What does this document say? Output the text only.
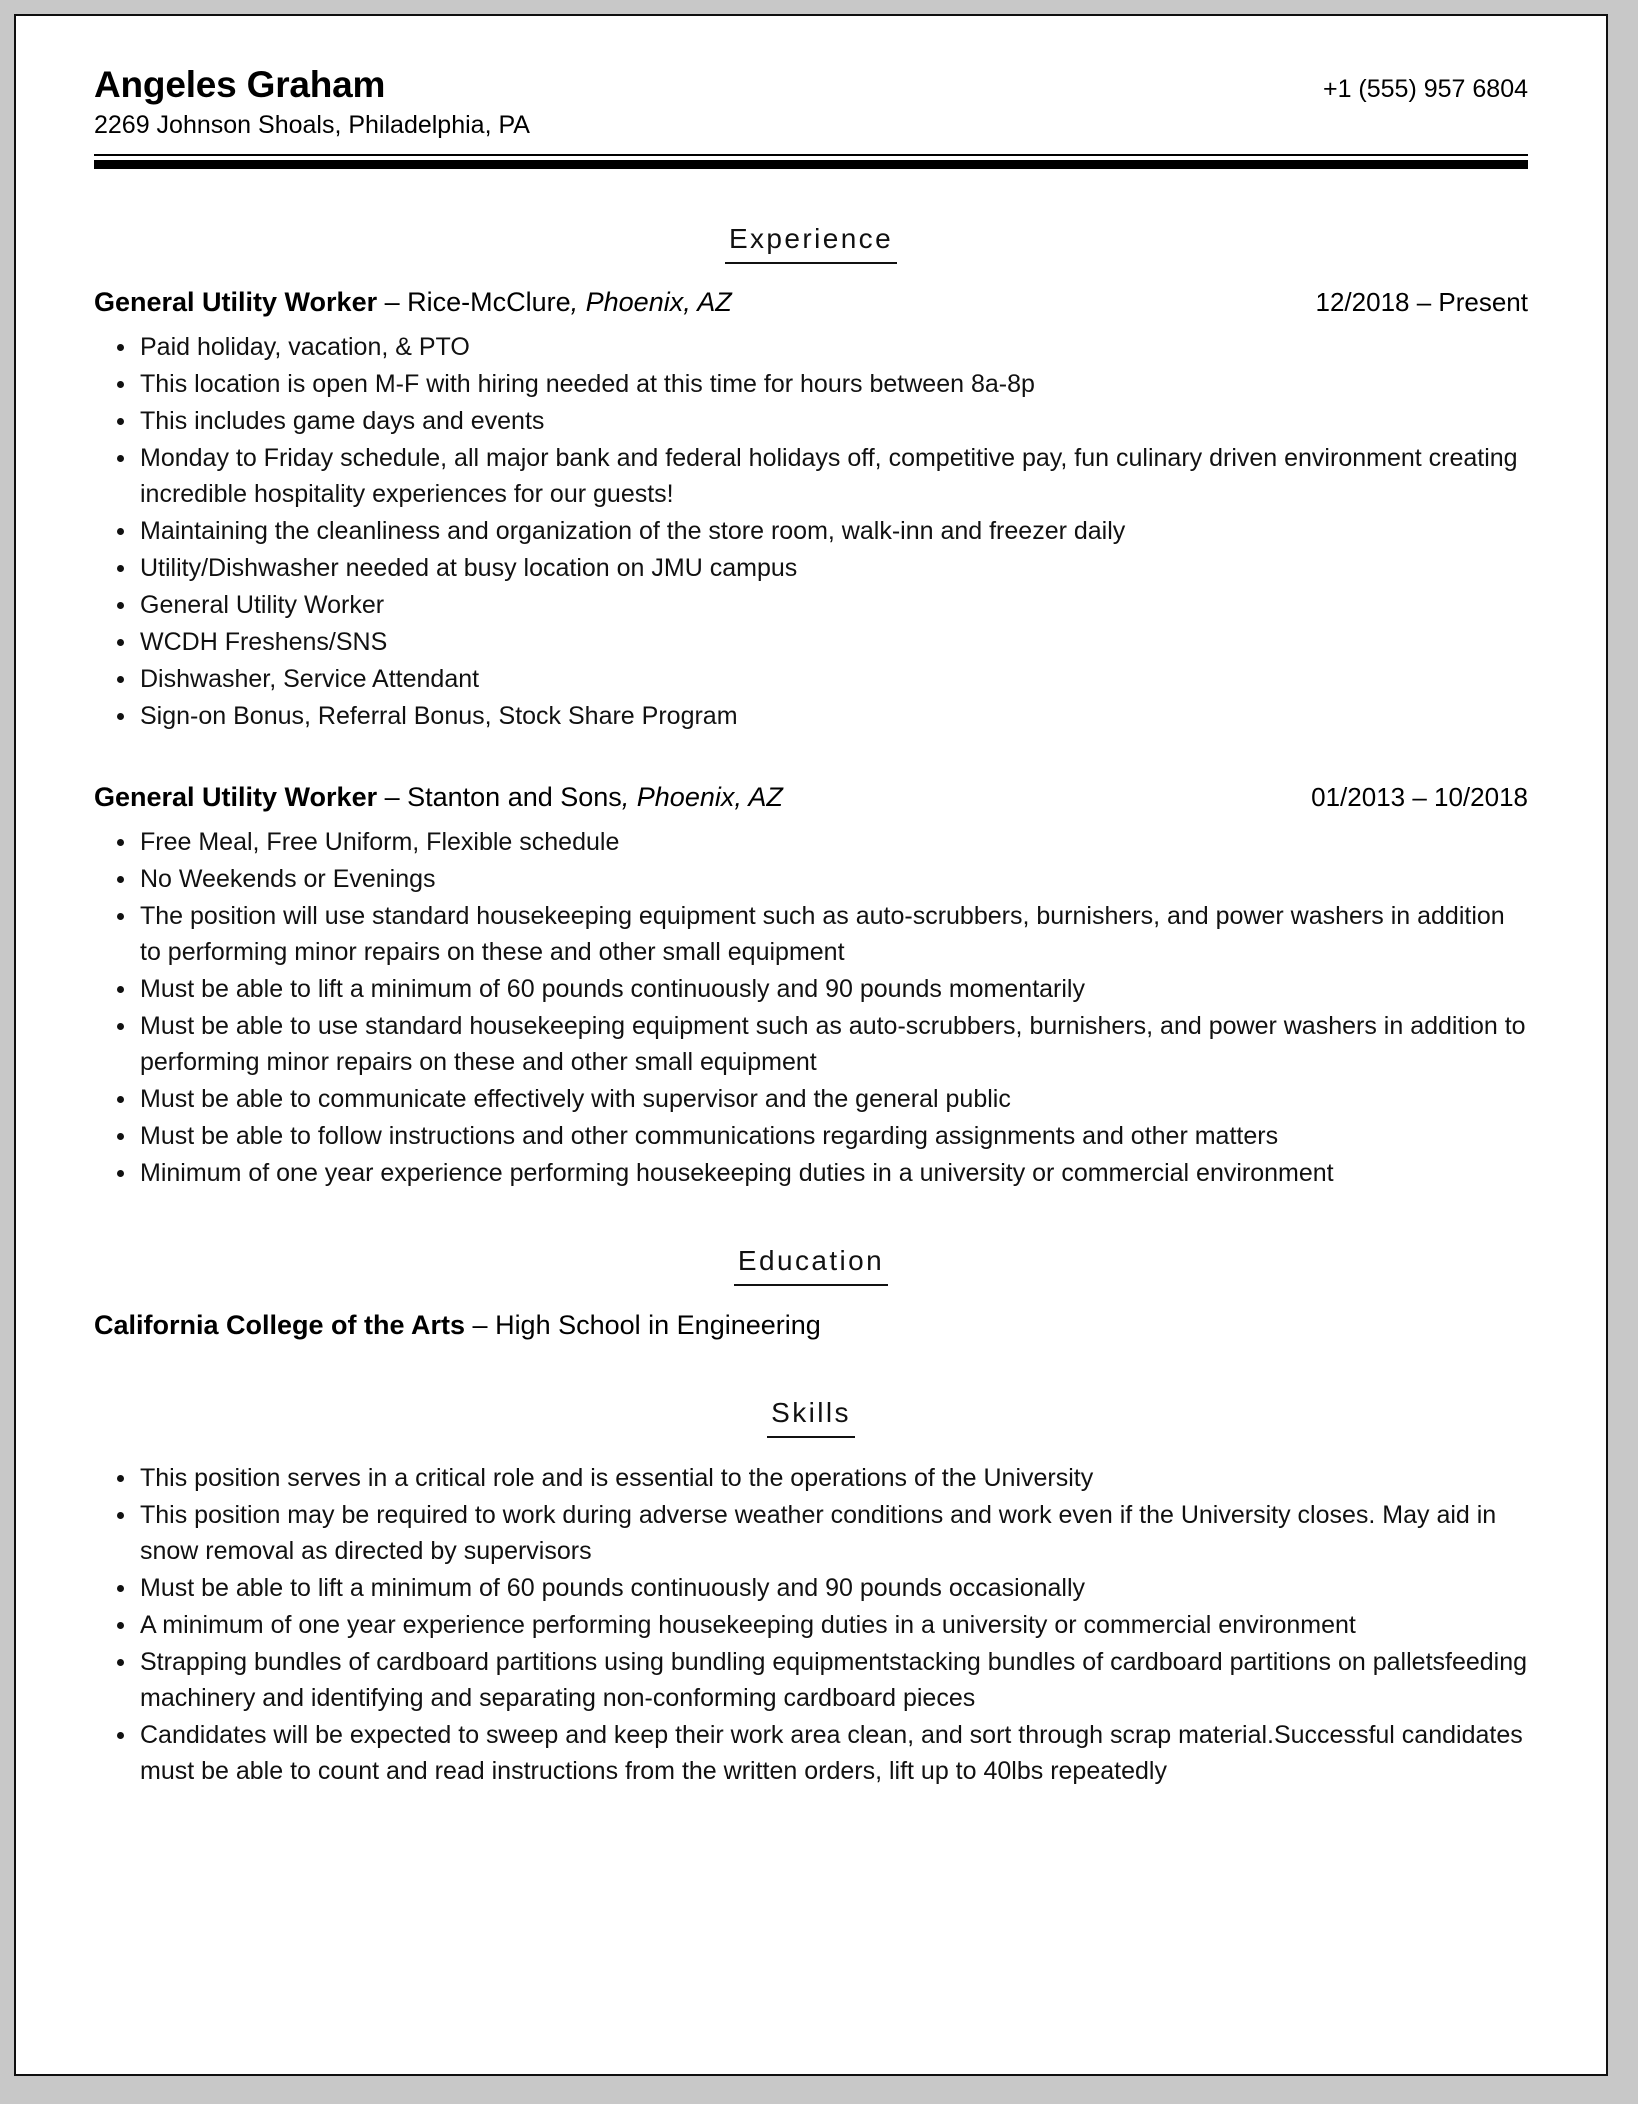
Angeles Graham	+1 (555) 957 6804
2269 Johnson Shoals, Philadelphia, PA
Experience
General Utility Worker – Rice-McClure, Phoenix, AZ	12/2018 – Present
Paid holiday, vacation, & PTO
This location is open M-F with hiring needed at this time for hours between 8a-8p
This includes game days and events
Monday to Friday schedule, all major bank and federal holidays off, competitive pay, fun culinary driven environment creating incredible hospitality experiences for our guests!
Maintaining the cleanliness and organization of the store room, walk-inn and freezer daily
Utility/Dishwasher needed at busy location on JMU campus
General Utility Worker
WCDH Freshens/SNS
Dishwasher, Service Attendant
Sign-on Bonus, Referral Bonus, Stock Share Program
General Utility Worker – Stanton and Sons, Phoenix, AZ	01/2013 – 10/2018
Free Meal, Free Uniform, Flexible schedule
No Weekends or Evenings
The position will use standard housekeeping equipment such as auto-scrubbers, burnishers, and power washers in addition to performing minor repairs on these and other small equipment
Must be able to lift a minimum of 60 pounds continuously and 90 pounds momentarily
Must be able to use standard housekeeping equipment such as auto-scrubbers, burnishers, and power washers in addition to performing minor repairs on these and other small equipment
Must be able to communicate effectively with supervisor and the general public
Must be able to follow instructions and other communications regarding assignments and other matters
Minimum of one year experience performing housekeeping duties in a university or commercial environment
Education
California College of the Arts – High School in Engineering
Skills
This position serves in a critical role and is essential to the operations of the University
This position may be required to work during adverse weather conditions and work even if the University closes. May aid in snow removal as directed by supervisors
Must be able to lift a minimum of 60 pounds continuously and 90 pounds occasionally
A minimum of one year experience performing housekeeping duties in a university or commercial environment
Strapping bundles of cardboard partitions using bundling equipmentstacking bundles of cardboard partitions on palletsfeeding machinery and identifying and separating non-conforming cardboard pieces
Candidates will be expected to sweep and keep their work area clean, and sort through scrap material.Successful candidates must be able to count and read instructions from the written orders, lift up to 40lbs repeatedly
